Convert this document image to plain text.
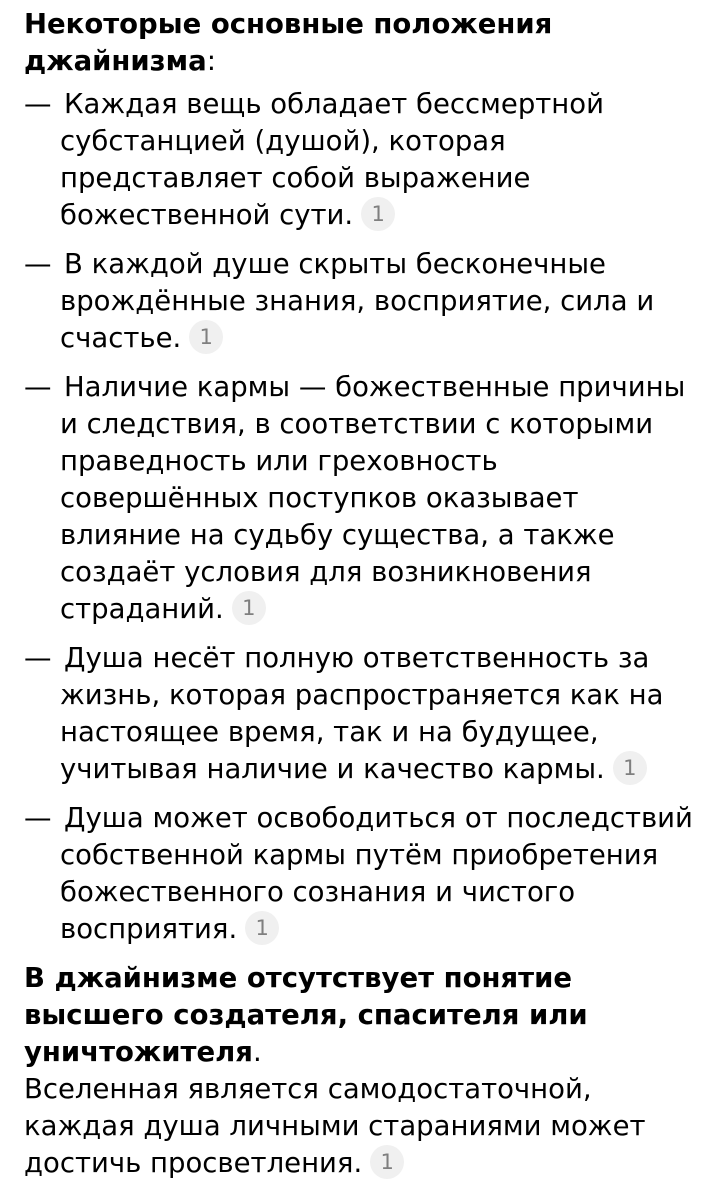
Некоторые основные положения джайнизма:

— Каждая вещь обладает бессмертной субстанцией (душой), которая представляет собой выражение божественной сути. 1
— В каждой душе скрыты бесконечные врождённые знания, восприятие, сила и счастье. 1
— Наличие кармы — божественные причины и следствия, в соответствии с которыми праведность или греховность совершённых поступков оказывает влияние на судьбу существа, а также создаёт условия для возникновения страданий. 1
— Душа несёт полную ответственность за жизнь, которая распространяется как на настоящее время, так и на будущее, учитывая наличие и качество кармы. 1
— Душа может освободиться от последствий собственной кармы путём приобретения божественного сознания и чистого восприятия. 1

В джайнизме отсутствует понятие высшего создателя, спасителя или уничтожителя.
Вселенная является самодостаточной, каждая душа личными стараниями может достичь просветления. 1
